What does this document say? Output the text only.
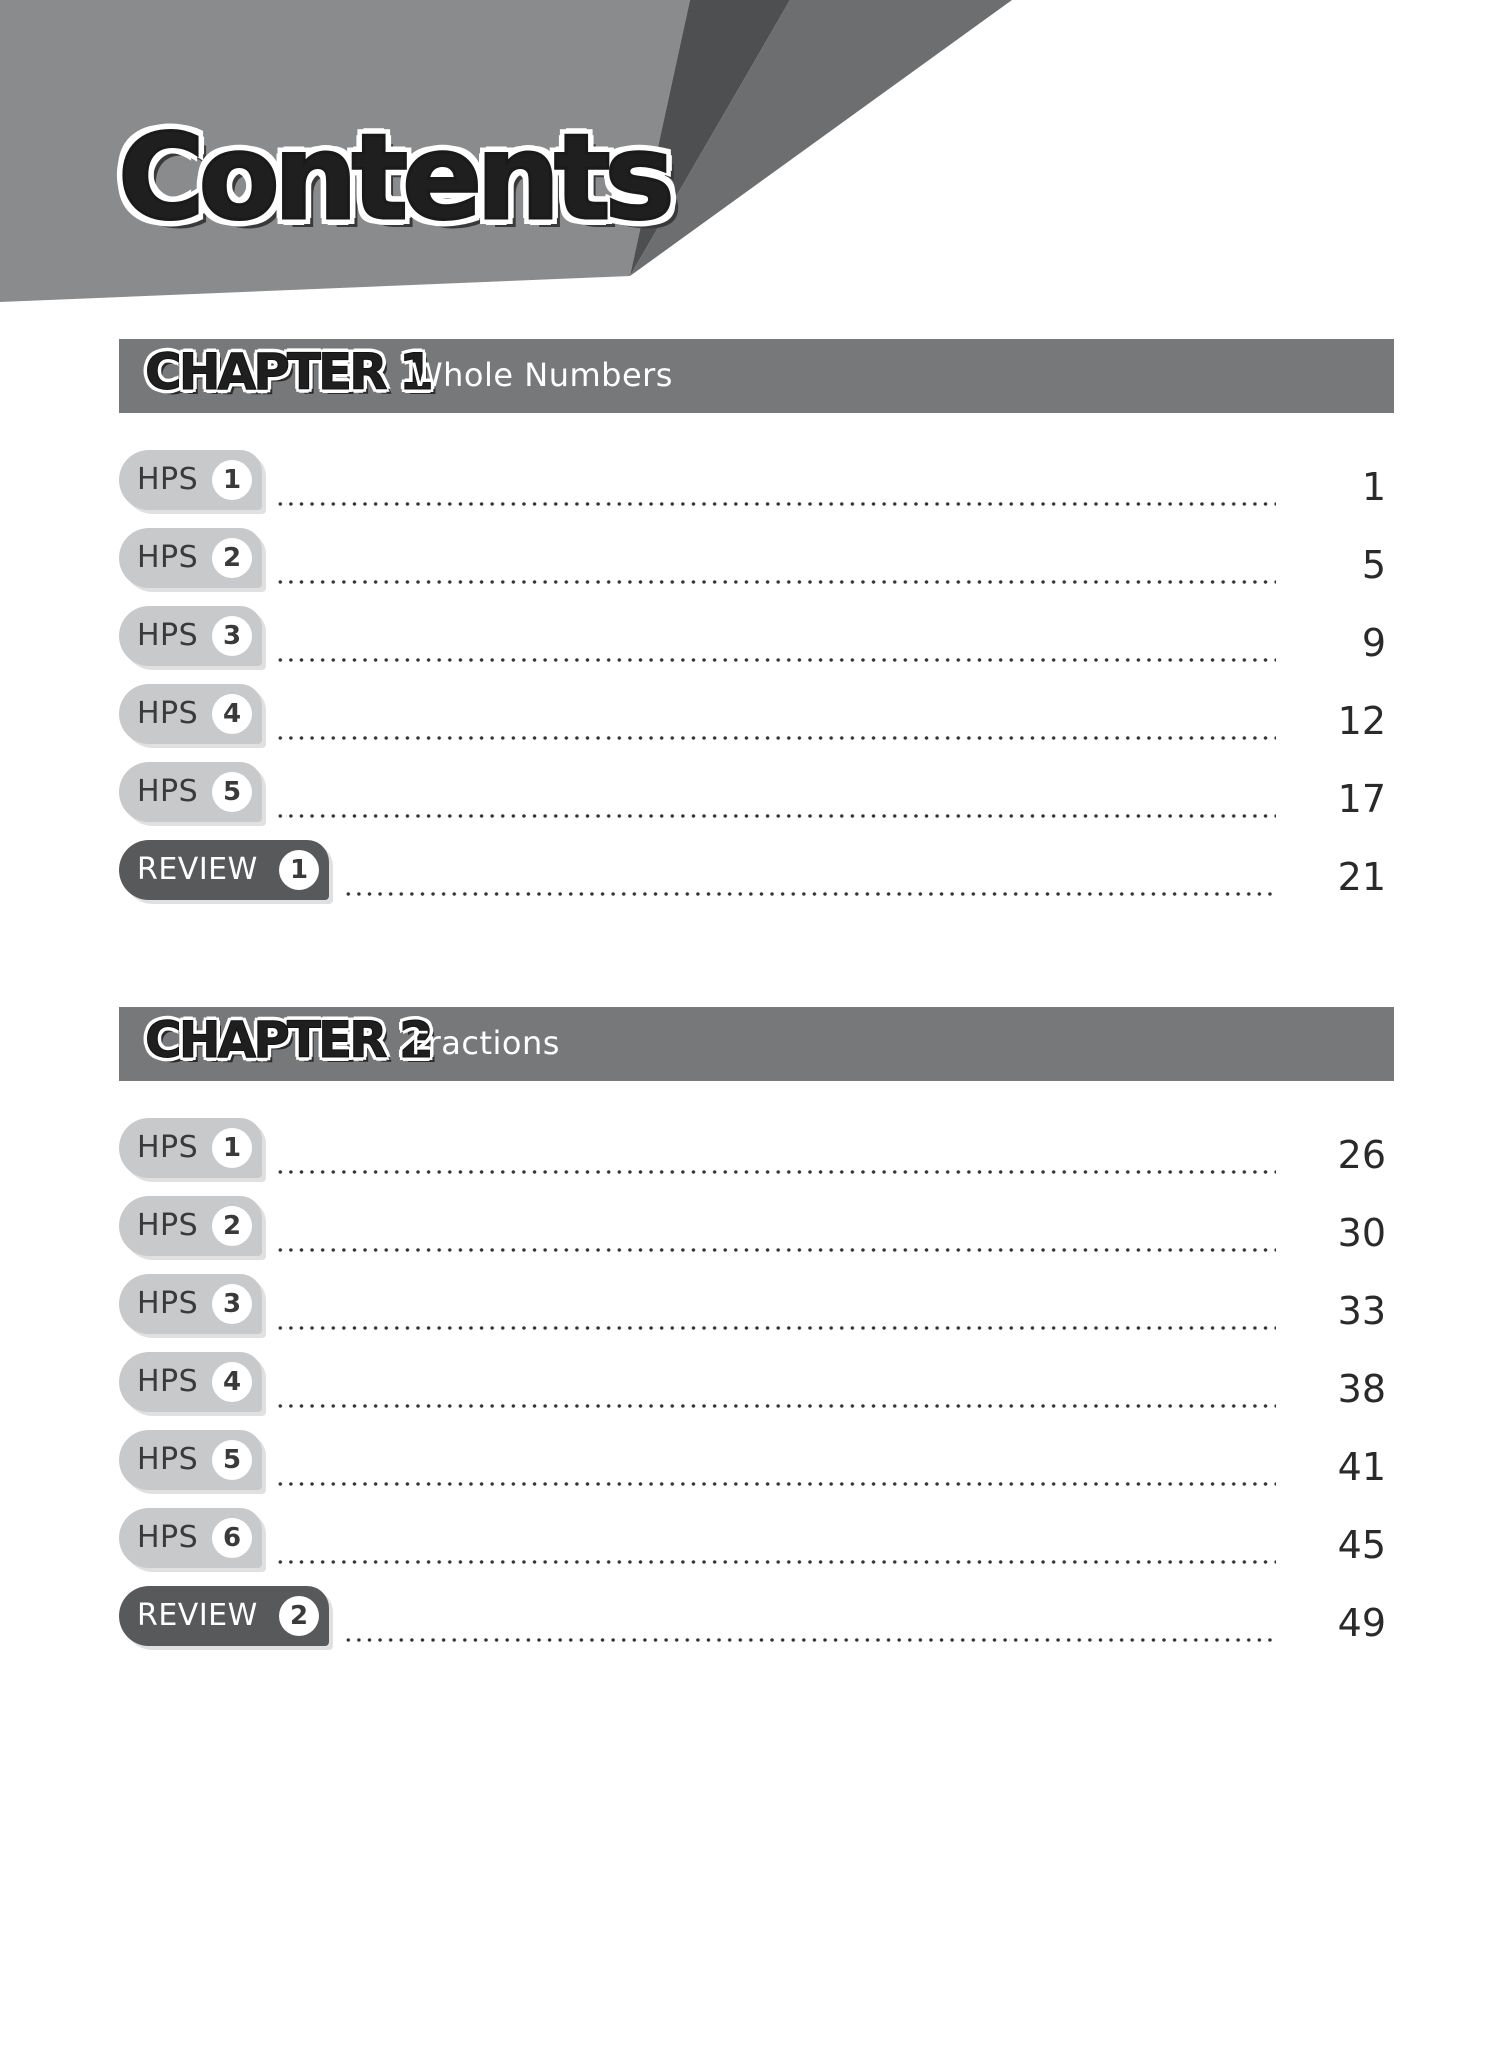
Contents
CHAPTER 1
Whole Numbers
HPS 1	1
HPS 2	5
HPS 3	9
HPS 4	12
HPS 5	17
REVIEW	1	21
CHAPTER 2
Fractions
HPS 1	26
HPS 2	30
HPS 3	33
HPS 4	38
HPS 5	41
HPS 6	45
REVIEW	2	49
